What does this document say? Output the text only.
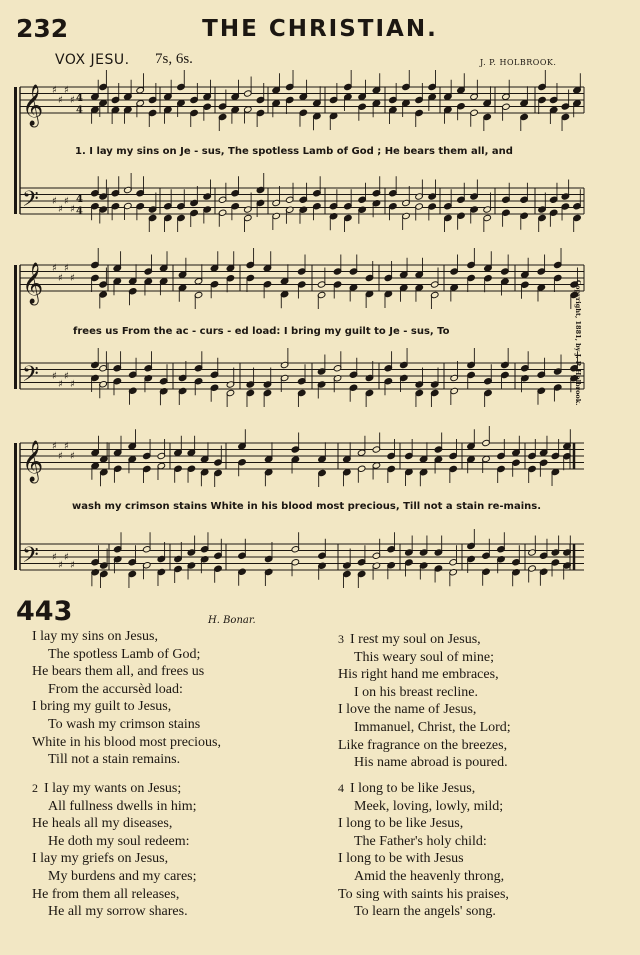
232	THE CHRISTIAN.
VOX JESU. 7s, 6s.	J. P. HOLBROOK.
𝄞 ♯
♯
♯
♯ 4
4
𝄢 ♯
♯
♯
♯
4
4
𝄞 ♯
♯
♯
♯
𝄢 ♯
♯
♯
♯
𝄞 ♯
♯
♯
♯
𝄢 ♯
♯
♯
♯
1. I lay my sins on Je - sus, The spotless Lamb of God ; He bears them all, and
frees us From the ac - curs - ed load: I bring my guilt to Je - sus, To
wash my crimson stains White in his blood most precious, Till not a stain re-mains.
Copyright, 1881, by J. P. Holbrook.
443	H. Bonar.
I lay my sins on Jesus,
The spotless Lamb of God;
He bears them all, and frees us
From the accursèd load:
I bring my guilt to Jesus,
To wash my crimson stains
White in his blood most precious,
Till not a stain remains.
2 I lay my wants on Jesus;
All fullness dwells in him;
He heals all my diseases,
He doth my soul redeem:
I lay my griefs on Jesus,
My burdens and my cares;
He from them all releases,
He all my sorrow shares.
3 I rest my soul on Jesus,
This weary soul of mine;
His right hand me embraces,
I on his breast recline.
I love the name of Jesus,
Immanuel, Christ, the Lord;
Like fragrance on the breezes,
His name abroad is poured.
4 I long to be like Jesus,
Meek, loving, lowly, mild;
I long to be like Jesus,
The Father's holy child:
I long to be with Jesus
Amid the heavenly throng,
To sing with saints his praises,
To learn the angels' song.
